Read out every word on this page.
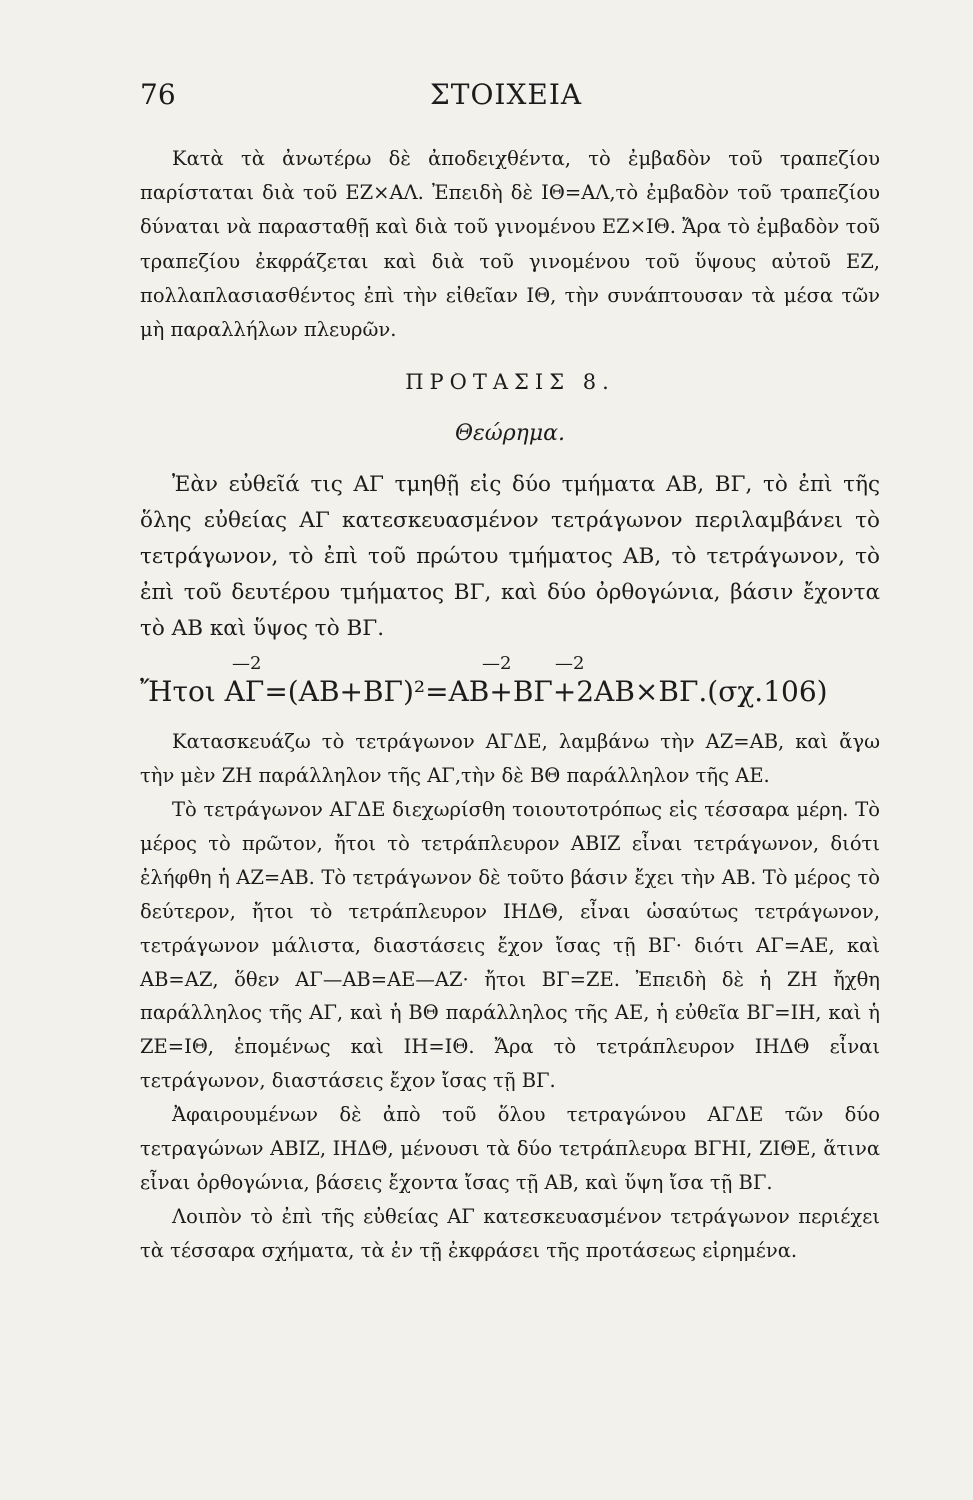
76	ΣΤΟΙΧΕΙΑ

Κατὰ τὰ ἀνωτέρω δὲ ἀποδειχθέντα, τὸ ἐμβαδὸν τοῦ τραπεζίου παρίσταται διὰ τοῦ ΕΖ×ΑΛ. Ἐπειδὴ δὲ ΙΘ=ΑΛ,τὸ ἐμβαδὸν τοῦ τραπεζίου δύναται νὰ παρασταθῇ καὶ διὰ τοῦ γινομένου ΕΖ×ΙΘ. Ἄρα τὸ ἐμβαδὸν τοῦ τραπεζίου ἐκφράζεται καὶ διὰ τοῦ γινομένου τοῦ ὕψους αὐτοῦ ΕΖ, πολλαπλασιασθέντος ἐπὶ τὴν εἰθεῖαν ΙΘ, τὴν συνάπτουσαν τὰ μέσα τῶν μὴ παραλλήλων πλευρῶν.

ΠΡΟΤΑΣΙΣ 8.
Θεώρημα.

Ἐὰν εὐθεῖά τις ΑΓ τμηθῇ εἰς δύο τμήματα ΑΒ, ΒΓ, τὸ ἐπὶ τῆς ὅλης εὐθείας ΑΓ κατεσκευασμένον τετράγωνον περιλαμβάνει τὸ τετράγωνον, τὸ ἐπὶ τοῦ πρώτου τμήματος ΑΒ, τὸ τετράγωνον, τὸ ἐπὶ τοῦ δευτέρου τμήματος ΒΓ, καὶ δύο ὀρθογώνια, βάσιν ἔχοντα τὸ ΑΒ καὶ ὕψος τὸ ΒΓ.

—2	—2 —2
Ἤτοι ΑΓ=(ΑΒ+ΒΓ)²=ΑΒ+ΒΓ+2ΑΒ×ΒΓ.(σχ.106)

Κατασκευάζω τὸ τετράγωνον ΑΓΔΕ, λαμβάνω τὴν ΑΖ=ΑΒ, καὶ ἄγω τὴν μὲν ΖΗ παράλληλον τῆς ΑΓ,τὴν δὲ ΒΘ παράλληλον τῆς ΑΕ.

Τὸ τετράγωνον ΑΓΔΕ διεχωρίσθη τοιουτοτρόπως εἰς τέσσαρα μέρη. Τὸ μέρος τὸ πρῶτον, ἤτοι τὸ τετράπλευρον ΑΒΙΖ εἶναι τετράγωνον, διότι ἐλήφθη ἡ ΑΖ=ΑΒ. Τὸ τετράγωνον δὲ τοῦτο βάσιν ἔχει τὴν ΑΒ. Τὸ μέρος τὸ δεύτερον, ἤτοι τὸ τετράπλευρον ΙΗΔΘ, εἶναι ὡσαύτως τετράγωνον, τετράγωνον μάλιστα, διαστάσεις ἔχον ἴσας τῇ ΒΓ· διότι ΑΓ=ΑΕ, καὶ ΑΒ=ΑΖ, ὅθεν ΑΓ—ΑΒ=ΑΕ—ΑΖ· ἤτοι ΒΓ=ΖΕ. Ἐπειδὴ δὲ ἡ ΖΗ ἤχθη παράλληλος τῆς ΑΓ, καὶ ἡ ΒΘ παράλληλος τῆς ΑΕ, ἡ εὐθεῖα ΒΓ=ΙΗ, καὶ ἡ ΖΕ=ΙΘ, ἑπομένως καὶ ΙΗ=ΙΘ. Ἄρα τὸ τετράπλευρον ΙΗΔΘ εἶναι τετράγωνον, διαστάσεις ἔχον ἴσας τῇ ΒΓ.

Ἀφαιρουμένων δὲ ἀπὸ τοῦ ὅλου τετραγώνου ΑΓΔΕ τῶν δύο τετραγώνων ΑΒΙΖ, ΙΗΔΘ, μένουσι τὰ δύο τετράπλευρα ΒΓΗΙ, ΖΙΘΕ, ἅτινα εἶναι ὀρθογώνια, βάσεις ἔχοντα ἴσας τῇ ΑΒ, καὶ ὕψη ἴσα τῇ ΒΓ.

Λοιπὸν τὸ ἐπὶ τῆς εὐθείας ΑΓ κατεσκευασμένον τετράγωνον περιέχει τὰ τέσσαρα σχήματα, τὰ ἐν τῇ ἐκφράσει τῆς προτάσεως εἰρημένα.
